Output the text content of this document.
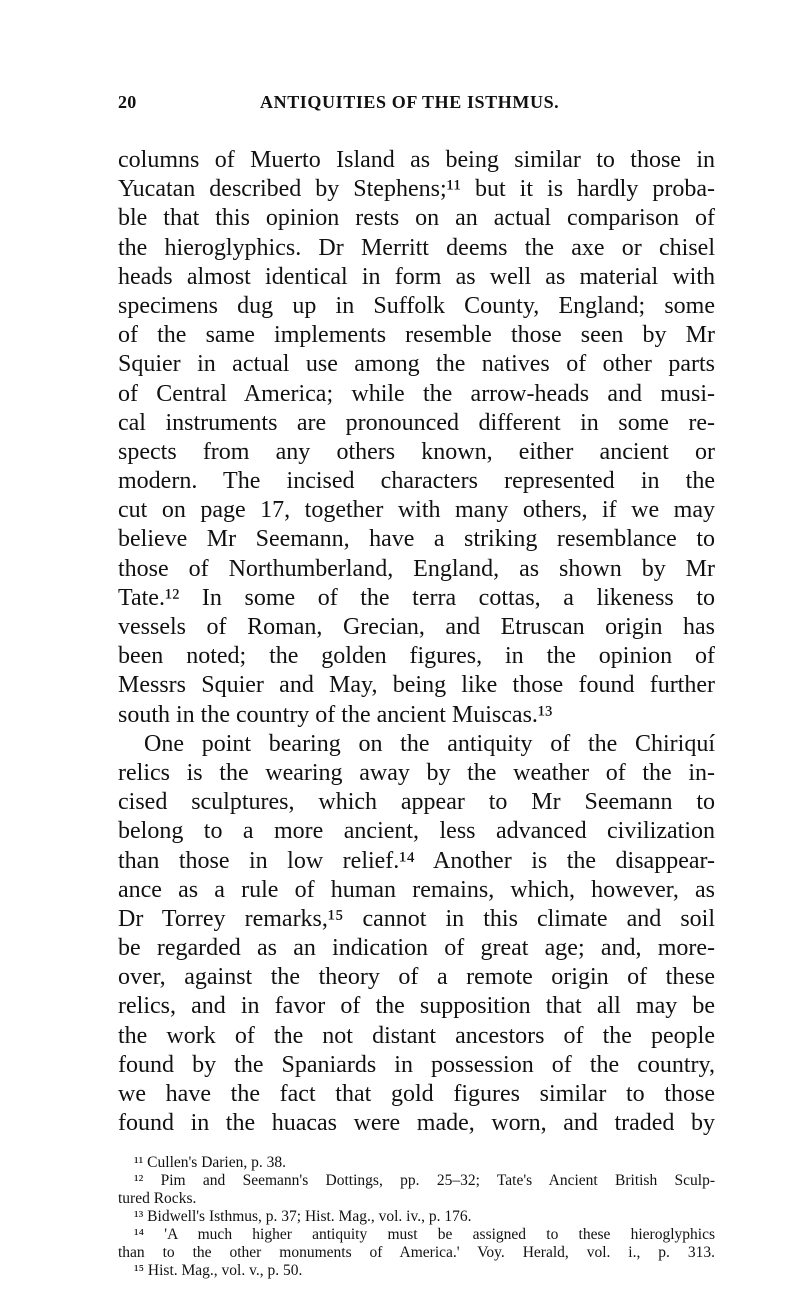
20	ANTIQUITIES OF THE ISTHMUS.
columns of Muerto Island as being similar to those in
Yucatan described by Stephens;¹¹ but it is hardly proba-
ble that this opinion rests on an actual comparison of
the hieroglyphics. Dr Merritt deems the axe or chisel
heads almost identical in form as well as material with
specimens dug up in Suffolk County, England; some
of the same implements resemble those seen by Mr
Squier in actual use among the natives of other parts
of Central America; while the arrow-heads and musi-
cal instruments are pronounced different in some re-
spects from any others known, either ancient or
modern. The incised characters represented in the
cut on page 17, together with many others, if we may
believe Mr Seemann, have a striking resemblance to
those of Northumberland, England, as shown by Mr
Tate.¹² In some of the terra cottas, a likeness to
vessels of Roman, Grecian, and Etruscan origin has
been noted; the golden figures, in the opinion of
Messrs Squier and May, being like those found further
south in the country of the ancient Muiscas.¹³
One point bearing on the antiquity of the Chiriquí
relics is the wearing away by the weather of the in-
cised sculptures, which appear to Mr Seemann to
belong to a more ancient, less advanced civilization
than those in low relief.¹⁴ Another is the disappear-
ance as a rule of human remains, which, however, as
Dr Torrey remarks,¹⁵ cannot in this climate and soil
be regarded as an indication of great age; and, more-
over, against the theory of a remote origin of these
relics, and in favor of the supposition that all may be
the work of the not distant ancestors of the people
found by the Spaniards in possession of the country,
we have the fact that gold figures similar to those
found in the huacas were made, worn, and traded by
¹¹ Cullen's Darien, p. 38.
¹² Pim and Seemann's Dottings, pp. 25–32; Tate's Ancient British Sculp-
tured Rocks.
¹³ Bidwell's Isthmus, p. 37; Hist. Mag., vol. iv., p. 176.
¹⁴ 'A much higher antiquity must be assigned to these hieroglyphics
than to the other monuments of America.' Voy. Herald, vol. i., p. 313.
¹⁵ Hist. Mag., vol. v., p. 50.
